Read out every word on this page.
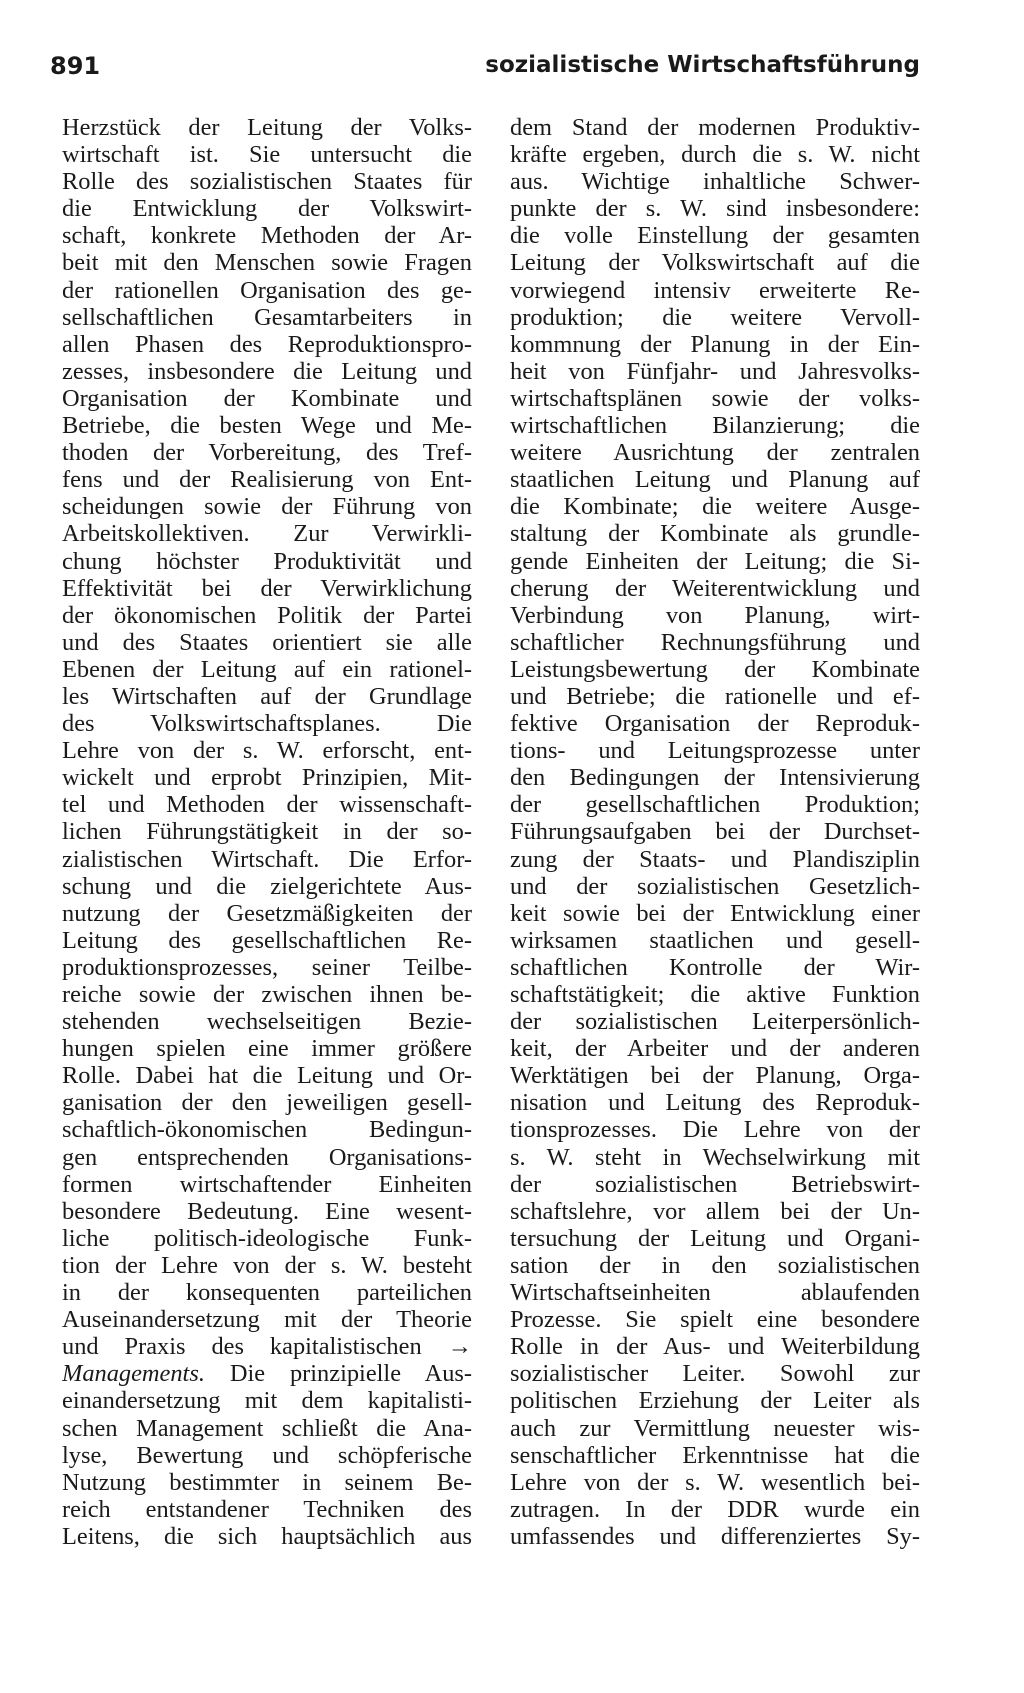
891	sozialistische Wirtschaftsführung
Herzstück der Leitung der Volks-
wirtschaft ist. Sie untersucht die
Rolle des sozialistischen Staates für
die Entwicklung der Volkswirt-
schaft, konkrete Methoden der Ar-
beit mit den Menschen sowie Fragen
der rationellen Organisation des ge-
sellschaftlichen Gesamtarbeiters in
allen Phasen des Reproduktionspro-
zesses, insbesondere die Leitung und
Organisation der Kombinate und
Betriebe, die besten Wege und Me-
thoden der Vorbereitung, des Tref-
fens und der Realisierung von Ent-
scheidungen sowie der Führung von
Arbeitskollektiven. Zur Verwirkli-
chung höchster Produktivität und
Effektivität bei der Verwirklichung
der ökonomischen Politik der Partei
und des Staates orientiert sie alle
Ebenen der Leitung auf ein rationel-
les Wirtschaften auf der Grundlage
des Volkswirtschaftsplanes. Die
Lehre von der s. W. erforscht, ent-
wickelt und erprobt Prinzipien, Mit-
tel und Methoden der wissenschaft-
lichen Führungstätigkeit in der so-
zialistischen Wirtschaft. Die Erfor-
schung und die zielgerichtete Aus-
nutzung der Gesetzmäßigkeiten der
Leitung des gesellschaftlichen Re-
produktionsprozesses, seiner Teilbe-
reiche sowie der zwischen ihnen be-
stehenden wechselseitigen Bezie-
hungen spielen eine immer größere
Rolle. Dabei hat die Leitung und Or-
ganisation der den jeweiligen gesell-
schaftlich-ökonomischen Bedingun-
gen entsprechenden Organisations-
formen wirtschaftender Einheiten
besondere Bedeutung. Eine wesent-
liche politisch-ideologische Funk-
tion der Lehre von der s. W. besteht
in der konsequenten parteilichen
Auseinandersetzung mit der Theorie
und Praxis des kapitalistischen →
Managements. Die prinzipielle Aus-
einandersetzung mit dem kapitalisti-
schen Management schließt die Ana-
lyse, Bewertung und schöpferische
Nutzung bestimmter in seinem Be-
reich entstandener Techniken des
Leitens, die sich hauptsächlich aus
dem Stand der modernen Produktiv-
kräfte ergeben, durch die s. W. nicht
aus. Wichtige inhaltliche Schwer-
punkte der s. W. sind insbesondere:
die volle Einstellung der gesamten
Leitung der Volkswirtschaft auf die
vorwiegend intensiv erweiterte Re-
produktion; die weitere Vervoll-
kommnung der Planung in der Ein-
heit von Fünfjahr- und Jahresvolks-
wirtschaftsplänen sowie der volks-
wirtschaftlichen Bilanzierung; die
weitere Ausrichtung der zentralen
staatlichen Leitung und Planung auf
die Kombinate; die weitere Ausge-
staltung der Kombinate als grundle-
gende Einheiten der Leitung; die Si-
cherung der Weiterentwicklung und
Verbindung von Planung, wirt-
schaftlicher Rechnungsführung und
Leistungsbewertung der Kombinate
und Betriebe; die rationelle und ef-
fektive Organisation der Reproduk-
tions- und Leitungsprozesse unter
den Bedingungen der Intensivierung
der gesellschaftlichen Produktion;
Führungsaufgaben bei der Durchset-
zung der Staats- und Plandisziplin
und der sozialistischen Gesetzlich-
keit sowie bei der Entwicklung einer
wirksamen staatlichen und gesell-
schaftlichen Kontrolle der Wir-
schaftstätigkeit; die aktive Funktion
der sozialistischen Leiterpersönlich-
keit, der Arbeiter und der anderen
Werktätigen bei der Planung, Orga-
nisation und Leitung des Reproduk-
tionsprozesses. Die Lehre von der
s. W. steht in Wechselwirkung mit
der sozialistischen Betriebswirt-
schaftslehre, vor allem bei der Un-
tersuchung der Leitung und Organi-
sation der in den sozialistischen
Wirtschaftseinheiten ablaufenden
Prozesse. Sie spielt eine besondere
Rolle in der Aus- und Weiterbildung
sozialistischer Leiter. Sowohl zur
politischen Erziehung der Leiter als
auch zur Vermittlung neuester wis-
senschaftlicher Erkenntnisse hat die
Lehre von der s. W. wesentlich bei-
zutragen. In der DDR wurde ein
umfassendes und differenziertes Sy-
